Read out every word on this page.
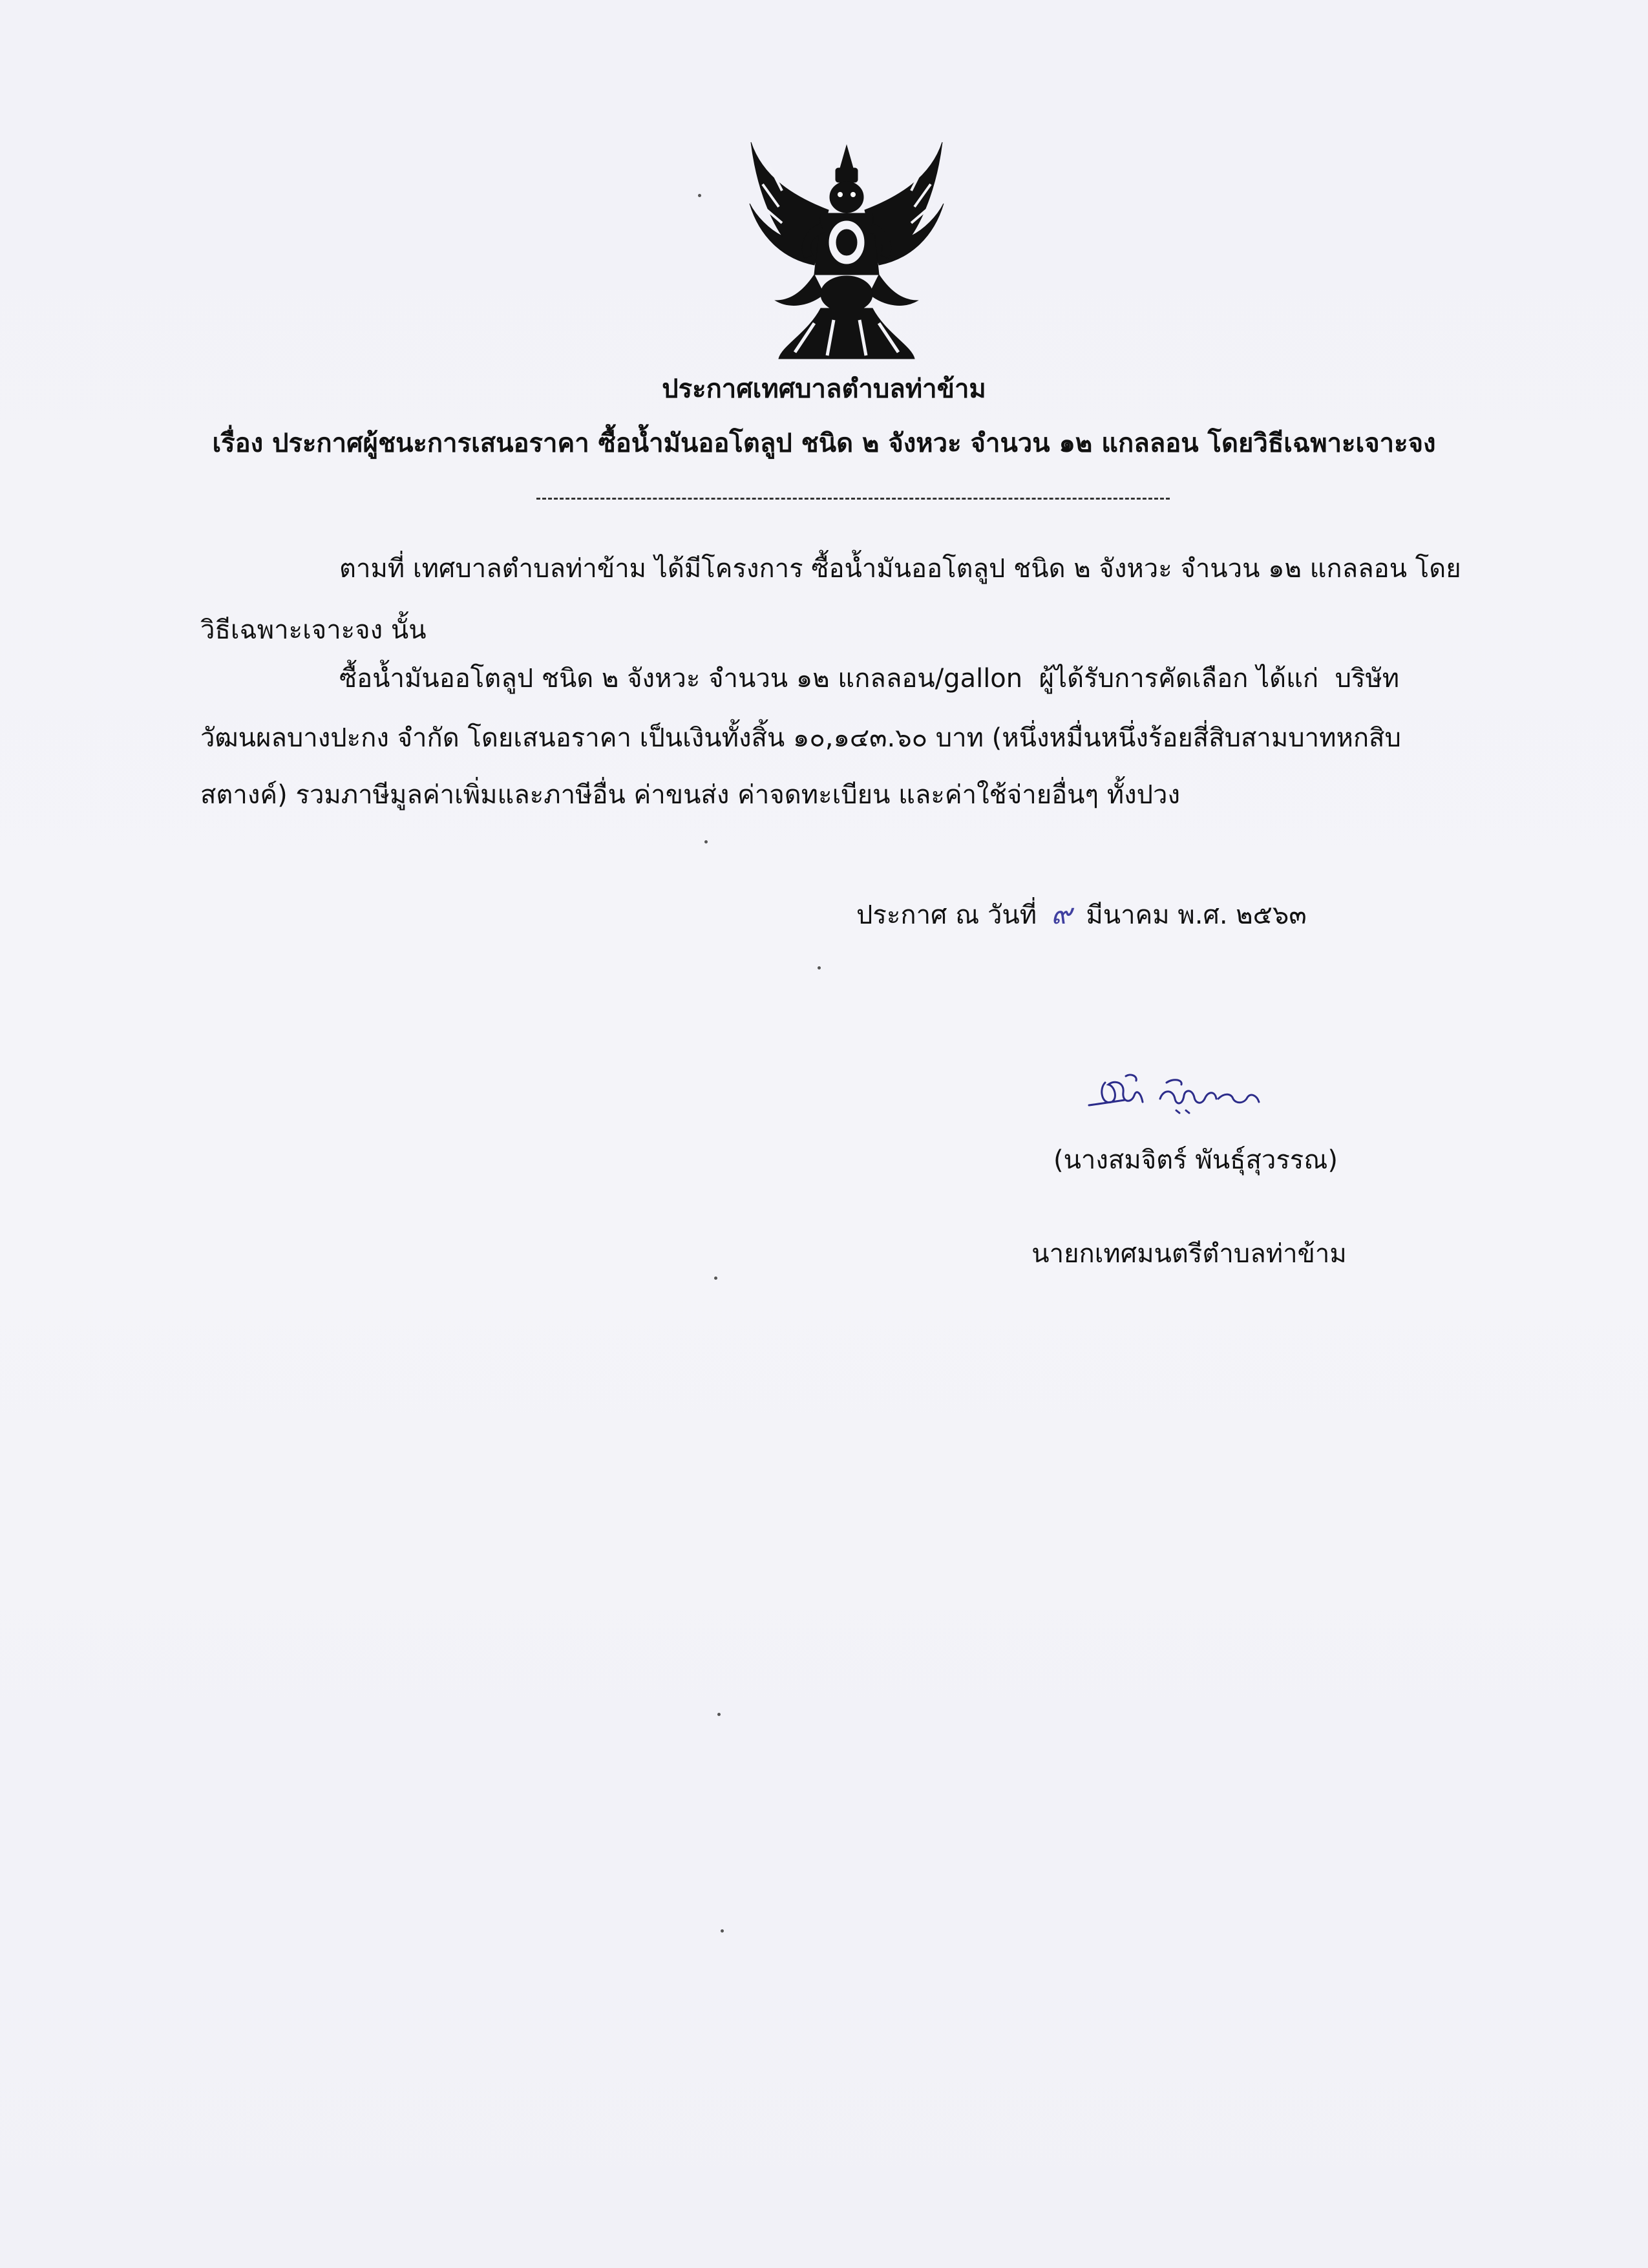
ประกาศเทศบาลตำบลท่าข้าม
เรื่อง ประกาศผู้ชนะการเสนอราคา ซื้อน้ำมันออโตลูป ชนิด ๒ จังหวะ จำนวน ๑๒ แกลลอน โดยวิธีเฉพาะเจาะจง
ตามที่ เทศบาลตำบลท่าข้าม ได้มีโครงการ ซื้อน้ำมันออโตลูป ชนิด ๒ จังหวะ จำนวน ๑๒ แกลลอน โดย
วิธีเฉพาะเจาะจง นั้น
ซื้อน้ำมันออโตลูป ชนิด ๒ จังหวะ จำนวน ๑๒ แกลลอน/gallon ผู้ได้รับการคัดเลือก ได้แก่ บริษัท
วัฒนผลบางปะกง จำกัด โดยเสนอราคา เป็นเงินทั้งสิ้น ๑๐,๑๔๓.๖๐ บาท (หนึ่งหมื่นหนึ่งร้อยสี่สิบสามบาทหกสิบ
สตางค์) รวมภาษีมูลค่าเพิ่มและภาษีอื่น ค่าขนส่ง ค่าจดทะเบียน และค่าใช้จ่ายอื่นๆ ทั้งปวง
ประกาศ ณ วันที่ ๙ มีนาคม พ.ศ. ๒๕๖๓
(นางสมจิตร์ พันธุ์สุวรรณ)
นายกเทศมนตรีตำบลท่าข้าม
